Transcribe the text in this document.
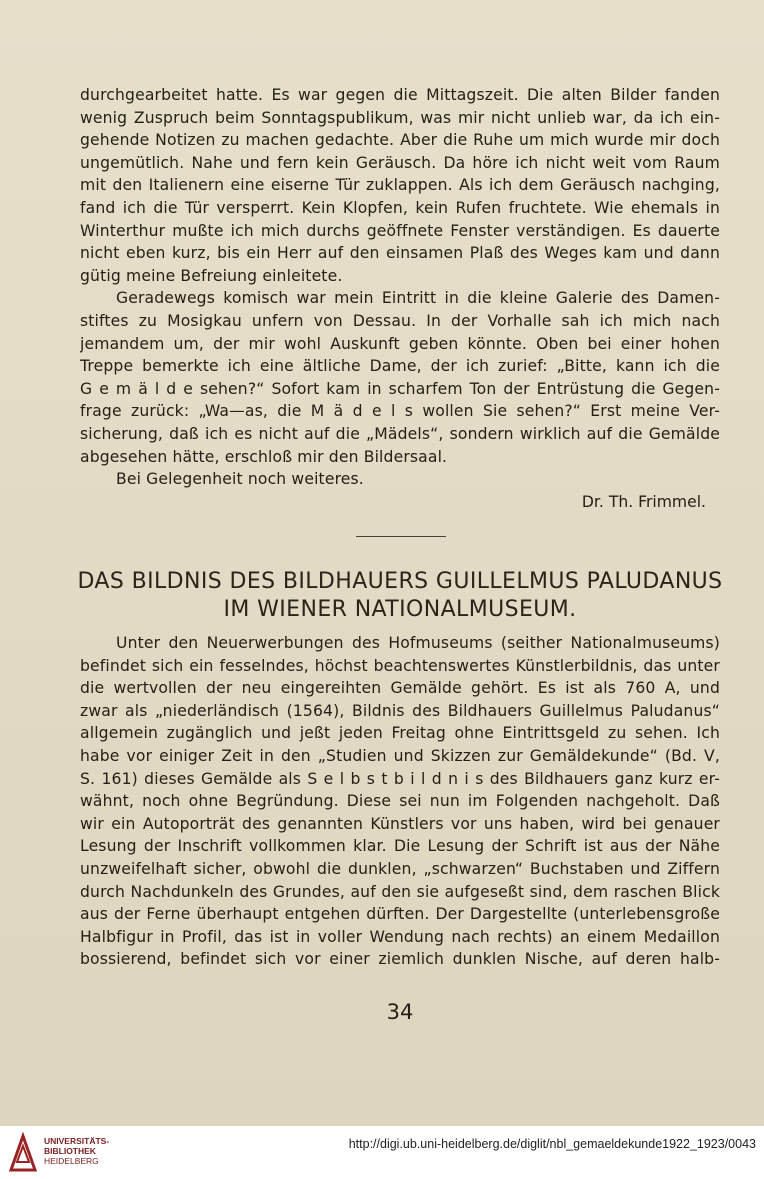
durchgearbeitet hatte. Es war gegen die Mittagszeit. Die alten Bilder fanden
wenig Zuspruch beim Sonntagspublikum, was mir nicht unlieb war, da ich ein-
gehende Notizen zu machen gedachte. Aber die Ruhe um mich wurde mir doch
ungemütlich. Nahe und fern kein Geräusch. Da höre ich nicht weit vom Raum
mit den Italienern eine eiserne Tür zuklappen. Als ich dem Geräusch nachging,
fand ich die Tür versperrt. Kein Klopfen, kein Rufen fruchtete. Wie ehemals in
Winterthur mußte ich mich durchs geöffnete Fenster verständigen. Es dauerte
nicht eben kurz, bis ein Herr auf den einsamen Plaß des Weges kam und dann
gütig meine Befreiung einleitete.
Geradewegs komisch war mein Eintritt in die kleine Galerie des Damen-
stiftes zu Mosigkau unfern von Dessau. In der Vorhalle sah ich mich nach
jemandem um, der mir wohl Auskunft geben könnte. Oben bei einer hohen
Treppe bemerkte ich eine ältliche Dame, der ich zurief: „Bitte, kann ich die
G e m ä l d e sehen?“ Sofort kam in scharfem Ton der Entrüstung die Gegen-
frage zurück: „Wa—as, die M ä d e l s wollen Sie sehen?“ Erst meine Ver-
sicherung, daß ich es nicht auf die „Mädels“, sondern wirklich auf die Gemälde
abgesehen hätte, erschloß mir den Bildersaal.
Bei Gelegenheit noch weiteres.
Dr. Th. Frimmel.
DAS BILDNIS DES BILDHAUERS GUILLELMUS PALUDANUS
IM WIENER NATIONALMUSEUM.
Unter den Neuerwerbungen des Hofmuseums (seither Nationalmuseums)
befindet sich ein fesselndes, höchst beachtenswertes Künstlerbildnis, das unter
die wertvollen der neu eingereihten Gemälde gehört. Es ist als 760 A, und
zwar als „niederländisch (1564), Bildnis des Bildhauers Guillelmus Paludanus“
allgemein zugänglich und jeßt jeden Freitag ohne Eintrittsgeld zu sehen. Ich
habe vor einiger Zeit in den „Studien und Skizzen zur Gemäldekunde“ (Bd. V,
S. 161) dieses Gemälde als S e l b s t b i l d n i s des Bildhauers ganz kurz er-
wähnt, noch ohne Begründung. Diese sei nun im Folgenden nachgeholt. Daß
wir ein Autoporträt des genannten Künstlers vor uns haben, wird bei genauer
Lesung der Inschrift vollkommen klar. Die Lesung der Schrift ist aus der Nähe
unzweifelhaft sicher, obwohl die dunklen, „schwarzen“ Buchstaben und Ziffern
durch Nachdunkeln des Grundes, auf den sie aufgeseßt sind, dem raschen Blick
aus der Ferne überhaupt entgehen dürften. Der Dargestellte (unterlebensgroße
Halbfigur in Profil, das ist in voller Wendung nach rechts) an einem Medaillon
bossierend, befindet sich vor einer ziemlich dunklen Nische, auf deren halb-
34
UNIVERSITÄTS-
BIBLIOTHEK
HEIDELBERG
http://digi.ub.uni-heidelberg.de/diglit/nbl_gemaeldekunde1922_1923/0043
